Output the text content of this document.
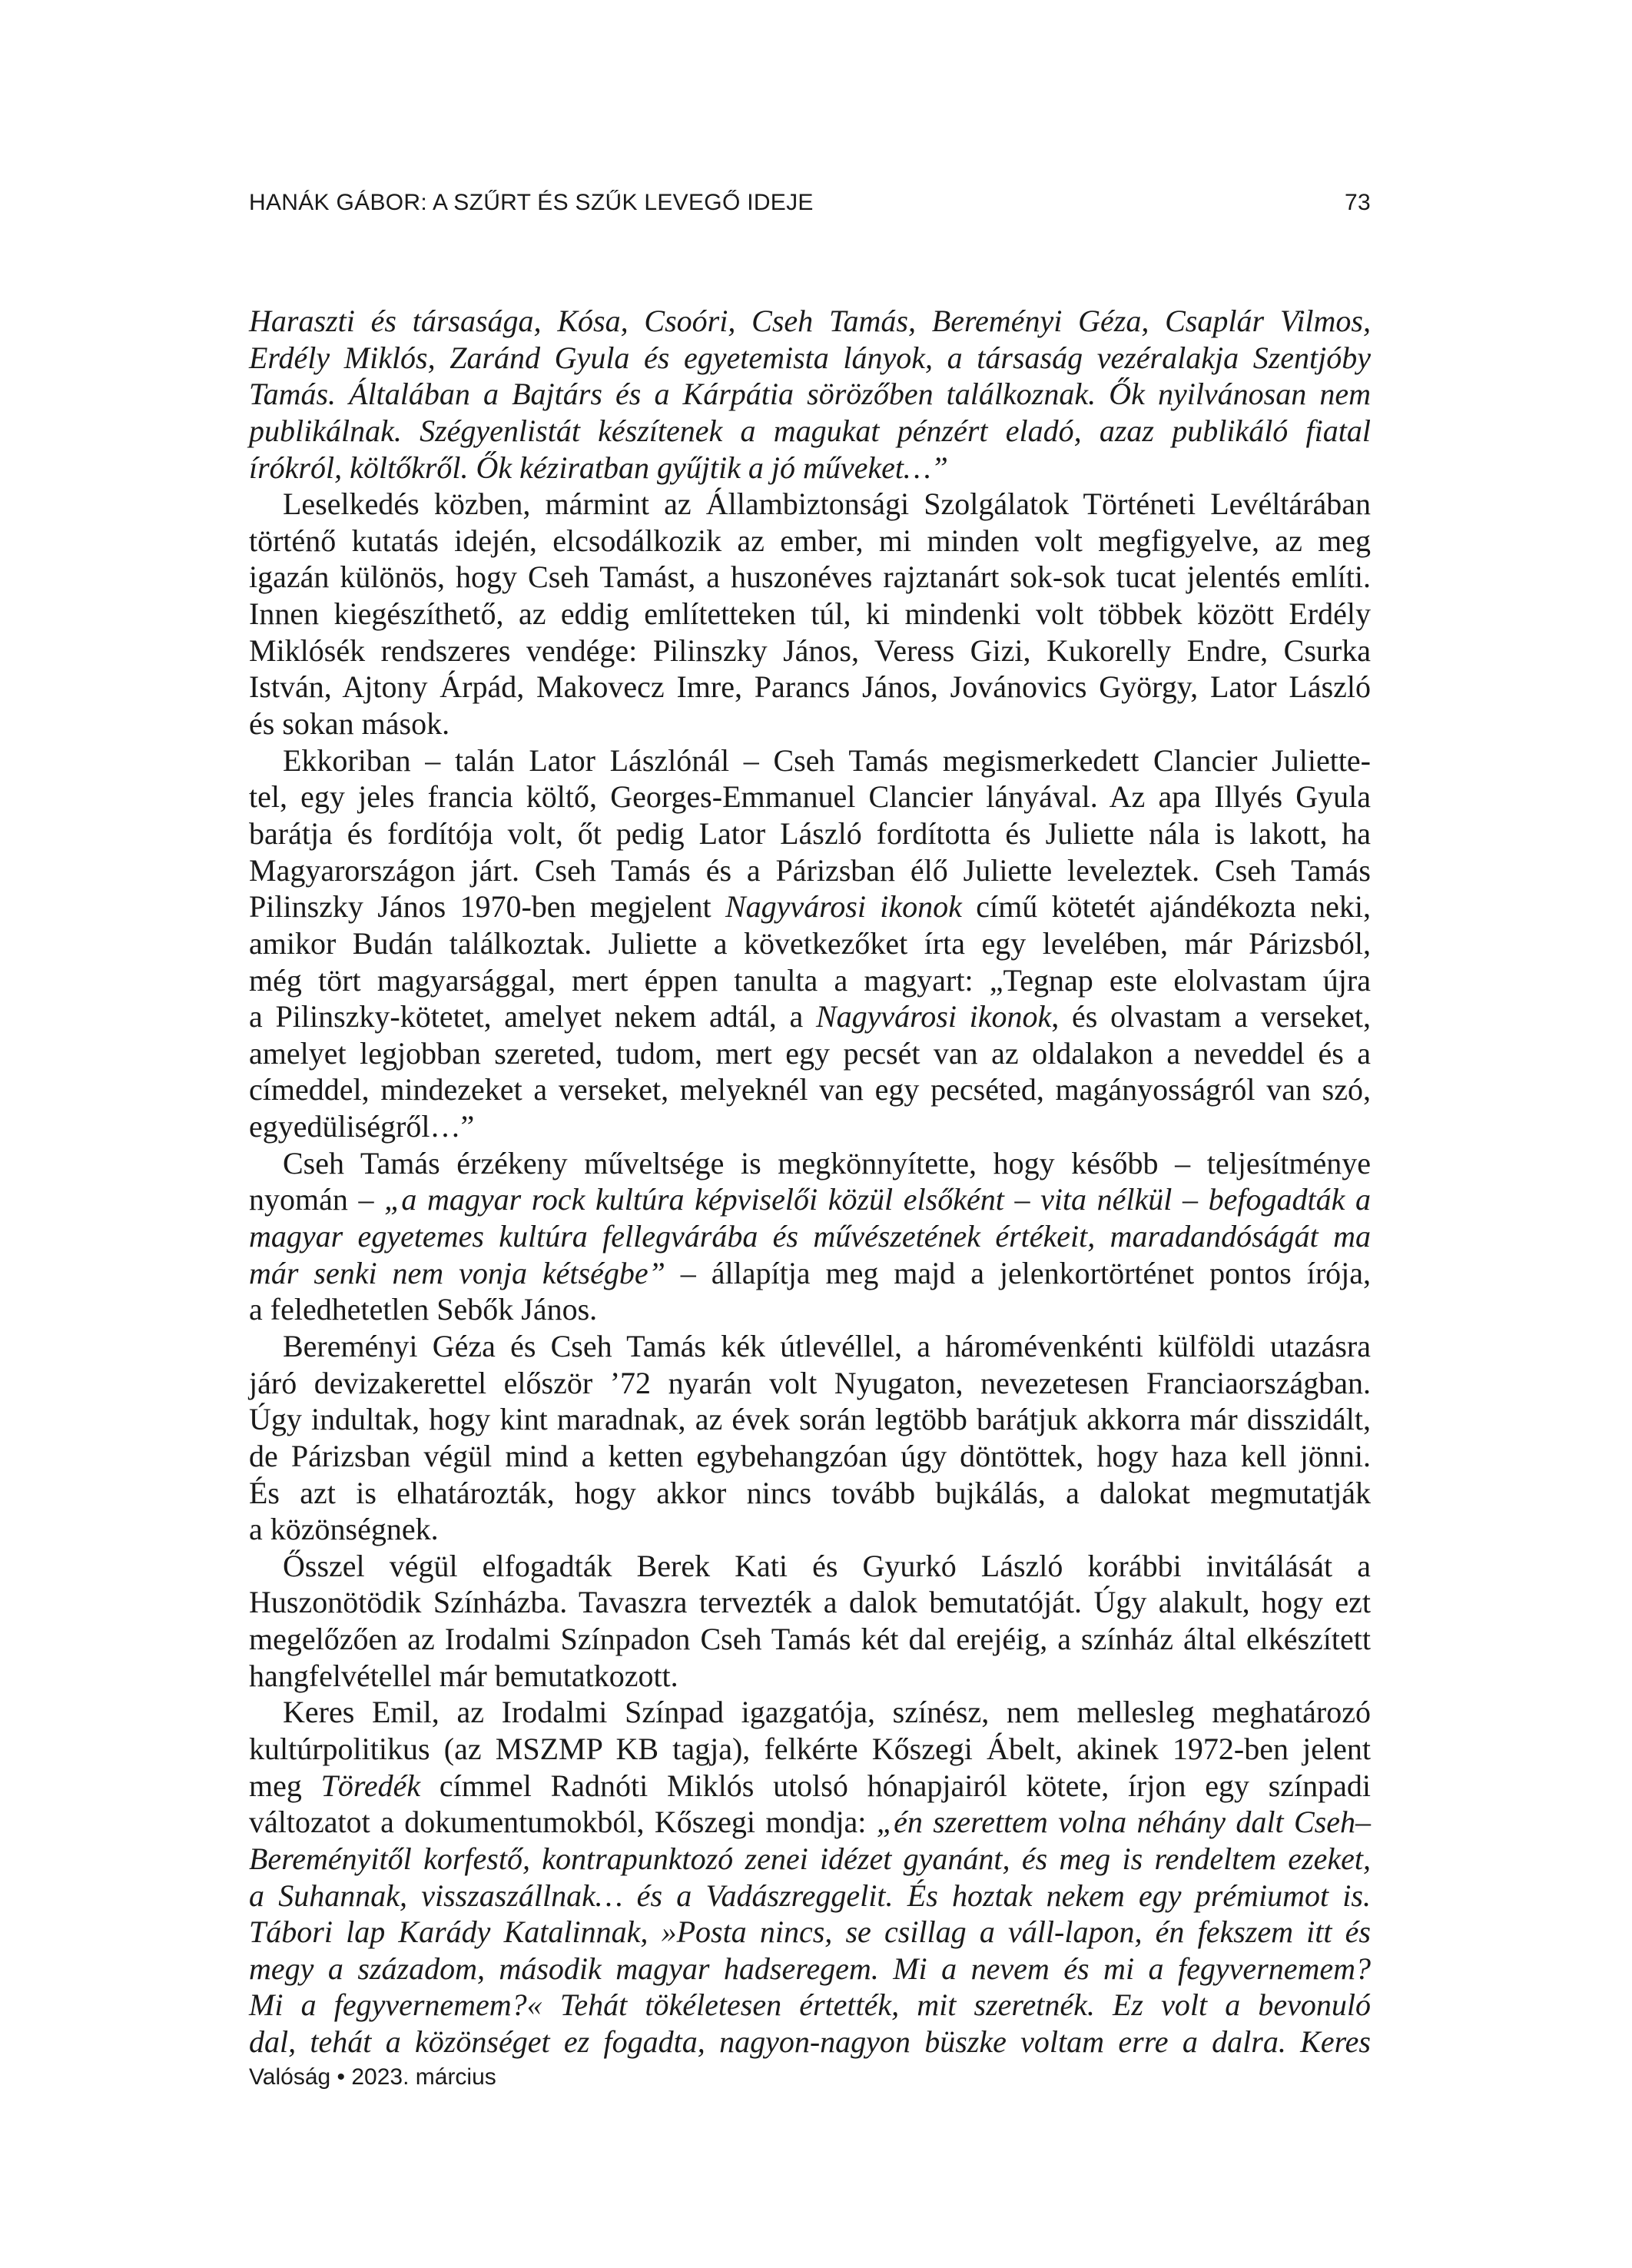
HANÁK GÁBOR: A SZŰRT ÉS SZŰK LEVEGŐ IDEJE	73
Haraszti és társasága, Kósa, Csoóri, Cseh Tamás, Bereményi Géza, Csaplár Vilmos,
Erdély Miklós, Zaránd Gyula és egyetemista lányok, a társaság vezéralakja Szentjóby
Tamás. Általában a Bajtárs és a Kárpátia sörözőben találkoznak. Ők nyilvánosan nem
publikálnak. Szégyenlistát készítenek a magukat pénzért eladó, azaz publikáló fiatal
írókról, költőkről. Ők kéziratban gyűjtik a jó műveket…”
Leselkedés közben, mármint az Állambiztonsági Szolgálatok Történeti Levéltárában
történő kutatás idején, elcsodálkozik az ember, mi minden volt megfigyelve, az meg
igazán különös, hogy Cseh Tamást, a huszonéves rajztanárt sok-sok tucat jelentés említi.
Innen kiegészíthető, az eddig említetteken túl, ki mindenki volt többek között Erdély
Miklósék rendszeres vendége: Pilinszky János, Veress Gizi, Kukorelly Endre, Csurka
István, Ajtony Árpád, Makovecz Imre, Parancs János, Jovánovics György, Lator László
és sokan mások.
Ekkoriban – talán Lator Lászlónál – Cseh Tamás megismerkedett Clancier Juliette-
tel, egy jeles francia költő, Georges-Emmanuel Clancier lányával. Az apa Illyés Gyula
barátja és fordítója volt, őt pedig Lator László fordította és Juliette nála is lakott, ha
Magyarországon járt. Cseh Tamás és a Párizsban élő Juliette leveleztek. Cseh Tamás
Pilinszky János 1970-ben megjelent Nagyvárosi ikonok című kötetét ajándékozta neki,
amikor Budán találkoztak. Juliette a következőket írta egy levelében, már Párizsból,
még tört magyarsággal, mert éppen tanulta a magyart: „Tegnap este elolvastam újra
a Pilinszky-kötetet, amelyet nekem adtál, a Nagyvárosi ikonok, és olvastam a verseket,
amelyet legjobban szereted, tudom, mert egy pecsét van az oldalakon a neveddel és a
címeddel, mindezeket a verseket, melyeknél van egy pecséted, magányosságról van szó,
egyedüliségről…”
Cseh Tamás érzékeny műveltsége is megkönnyítette, hogy később – teljesítménye
nyomán – „a magyar rock kultúra képviselői közül elsőként – vita nélkül – befogadták a
magyar egyetemes kultúra fellegvárába és művészetének értékeit, maradandóságát ma
már senki nem vonja kétségbe” – állapítja meg majd a jelenkortörténet pontos írója,
a feledhetetlen Sebők János.
Bereményi Géza és Cseh Tamás kék útlevéllel, a háromévenkénti külföldi utazásra
járó devizakerettel először ’72 nyarán volt Nyugaton, nevezetesen Franciaországban.
Úgy indultak, hogy kint maradnak, az évek során legtöbb barátjuk akkorra már disszidált,
de Párizsban végül mind a ketten egybehangzóan úgy döntöttek, hogy haza kell jönni.
És azt is elhatározták, hogy akkor nincs tovább bujkálás, a dalokat megmutatják
a közönségnek.
Ősszel végül elfogadták Berek Kati és Gyurkó László korábbi invitálását a
Huszonötödik Színházba. Tavaszra tervezték a dalok bemutatóját. Úgy alakult, hogy ezt
megelőzően az Irodalmi Színpadon Cseh Tamás két dal erejéig, a színház által elkészített
hangfelvétellel már bemutatkozott.
Keres Emil, az Irodalmi Színpad igazgatója, színész, nem mellesleg meghatározó
kultúrpolitikus (az MSZMP KB tagja), felkérte Kőszegi Ábelt, akinek 1972-ben jelent
meg Töredék címmel Radnóti Miklós utolsó hónapjairól kötete, írjon egy színpadi
változatot a dokumentumokból, Kőszegi mondja: „én szerettem volna néhány dalt Cseh–
Bereményitől korfestő, kontrapunktozó zenei idézet gyanánt, és meg is rendeltem ezeket,
a Suhannak, visszaszállnak… és a Vadászreggelit. És hoztak nekem egy prémiumot is.
Tábori lap Karády Katalinnak, »Posta nincs, se csillag a váll-lapon, én fekszem itt és
megy a századom, második magyar hadseregem. Mi a nevem és mi a fegyvernemem?
Mi a fegyvernemem?« Tehát tökéletesen értették, mit szeretnék. Ez volt a bevonuló
dal, tehát a közönséget ez fogadta, nagyon-nagyon büszke voltam erre a dalra. Keres
Valóság • 2023. március
